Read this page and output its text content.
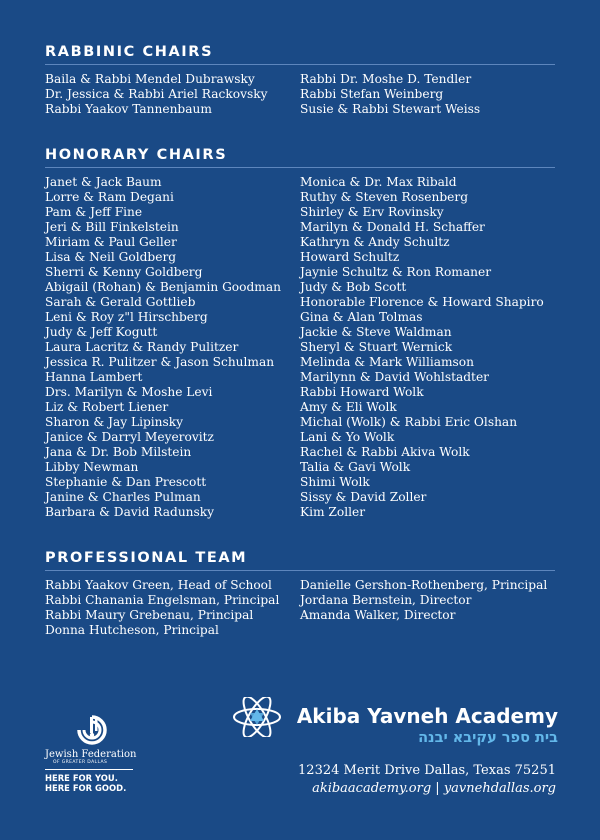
RABBINIC CHAIRS
Baila & Rabbi Mendel Dubrawsky
Dr. Jessica & Rabbi Ariel Rackovsky
Rabbi Yaakov Tannenbaum
Rabbi Dr. Moshe D. Tendler
Rabbi Stefan Weinberg
Susie & Rabbi Stewart Weiss
HONORARY CHAIRS
Janet & Jack Baum
Lorre & Ram Degani
Pam & Jeff Fine
Jeri & Bill Finkelstein
Miriam & Paul Geller
Lisa & Neil Goldberg
Sherri & Kenny Goldberg
Abigail (Rohan) & Benjamin Goodman
Sarah & Gerald Gottlieb
Leni & Roy z"l Hirschberg
Judy & Jeff Kogutt
Laura Lacritz & Randy Pulitzer
Jessica R. Pulitzer & Jason Schulman
Hanna Lambert
Drs. Marilyn & Moshe Levi
Liz & Robert Liener
Sharon & Jay Lipinsky
Janice & Darryl Meyerovitz
Jana & Dr. Bob Milstein
Libby Newman
Stephanie & Dan Prescott
Janine & Charles Pulman
Barbara & David Radunsky
Monica & Dr. Max Ribald
Ruthy & Steven Rosenberg
Shirley & Erv Rovinsky
Marilyn & Donald H. Schaffer
Kathryn & Andy Schultz
Howard Schultz
Jaynie Schultz & Ron Romaner
Judy & Bob Scott
Honorable Florence & Howard Shapiro
Gina & Alan Tolmas
Jackie & Steve Waldman
Sheryl & Stuart Wernick
Melinda & Mark Williamson
Marilynn & David Wohlstadter
Rabbi Howard Wolk
Amy & Eli Wolk
Michal (Wolk) & Rabbi Eric Olshan
Lani & Yo Wolk
Rachel & Rabbi Akiva Wolk
Talia & Gavi Wolk
Shimi Wolk
Sissy & David Zoller
Kim Zoller
PROFESSIONAL TEAM
Rabbi Yaakov Green, Head of School
Rabbi Chanania Engelsman, Principal
Rabbi Maury Grebenau, Principal
Donna Hutcheson, Principal
Danielle Gershon-Rothenberg, Principal
Jordana Bernstein, Director
Amanda Walker, Director
Jewish Federation
OF GREATER DALLAS
HERE FOR YOU.
HERE FOR GOOD.
Akiba Yavneh Academy
בית ספר עקיבא יבנה
12324 Merit Drive Dallas, Texas 75251
akibaacademy.org | yavnehdallas.org
